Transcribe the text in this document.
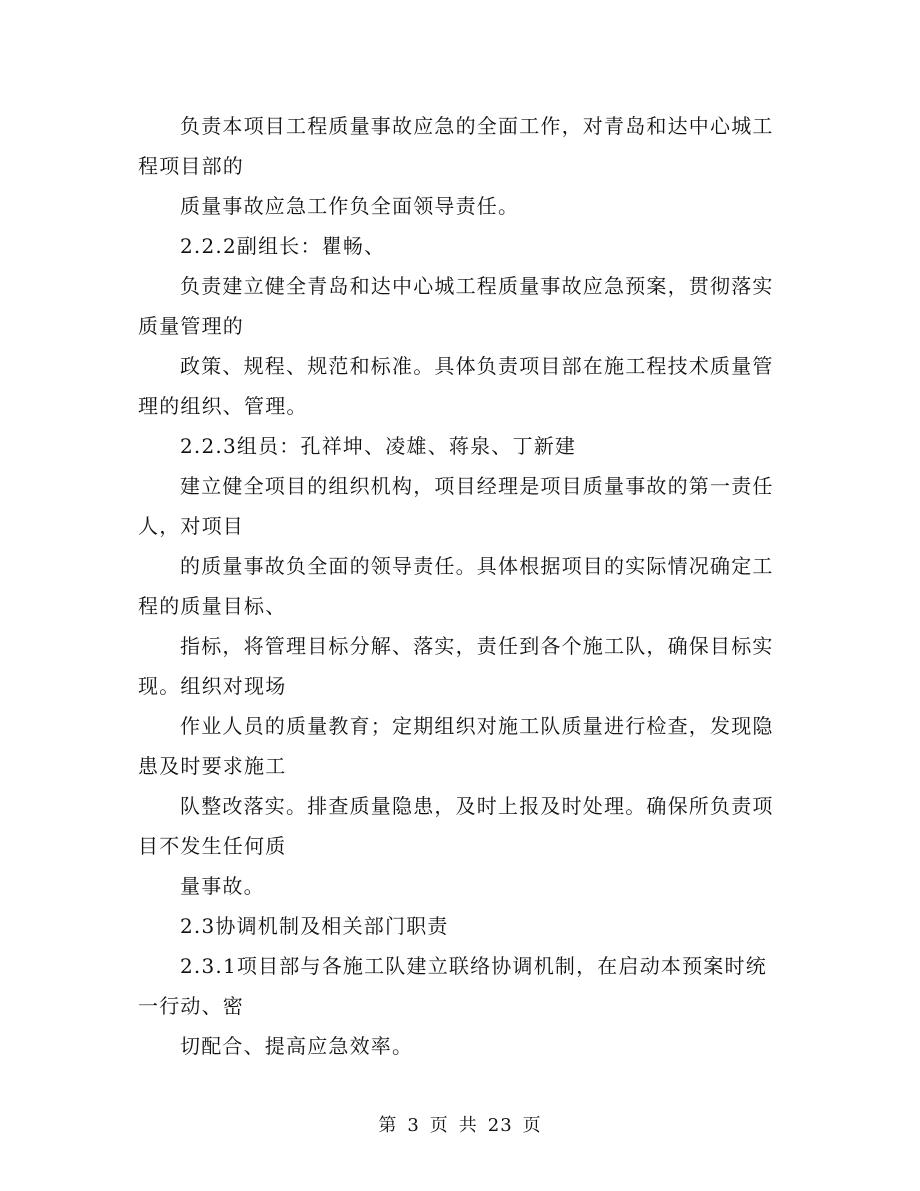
负责本项目工程质量事故应急的全面工作，对青岛和达中心城工程项目部的

质量事故应急工作负全面领导责任。

2.2.2副组长：瞿畅、

负责建立健全青岛和达中心城工程质量事故应急预案，贯彻落实质量管理的

政策、规程、规范和标准。具体负责项目部在施工程技术质量管理的组织、管理。

2.2.3组员：孔祥坤、凌雄、蒋泉、丁新建

建立健全项目的组织机构，项目经理是项目质量事故的第一责任人，对项目

的质量事故负全面的领导责任。具体根据项目的实际情况确定工程的质量目标、

指标，将管理目标分解、落实，责任到各个施工队，确保目标实现。组织对现场

作业人员的质量教育；定期组织对施工队质量进行检查，发现隐患及时要求施工

队整改落实。排查质量隐患，及时上报及时处理。确保所负责项目不发生任何质

量事故。

2.3协调机制及相关部门职责

2.3.1项目部与各施工队建立联络协调机制，在启动本预案时统一行动、密

切配合、提高应急效率。

第 3 页 共 23 页
